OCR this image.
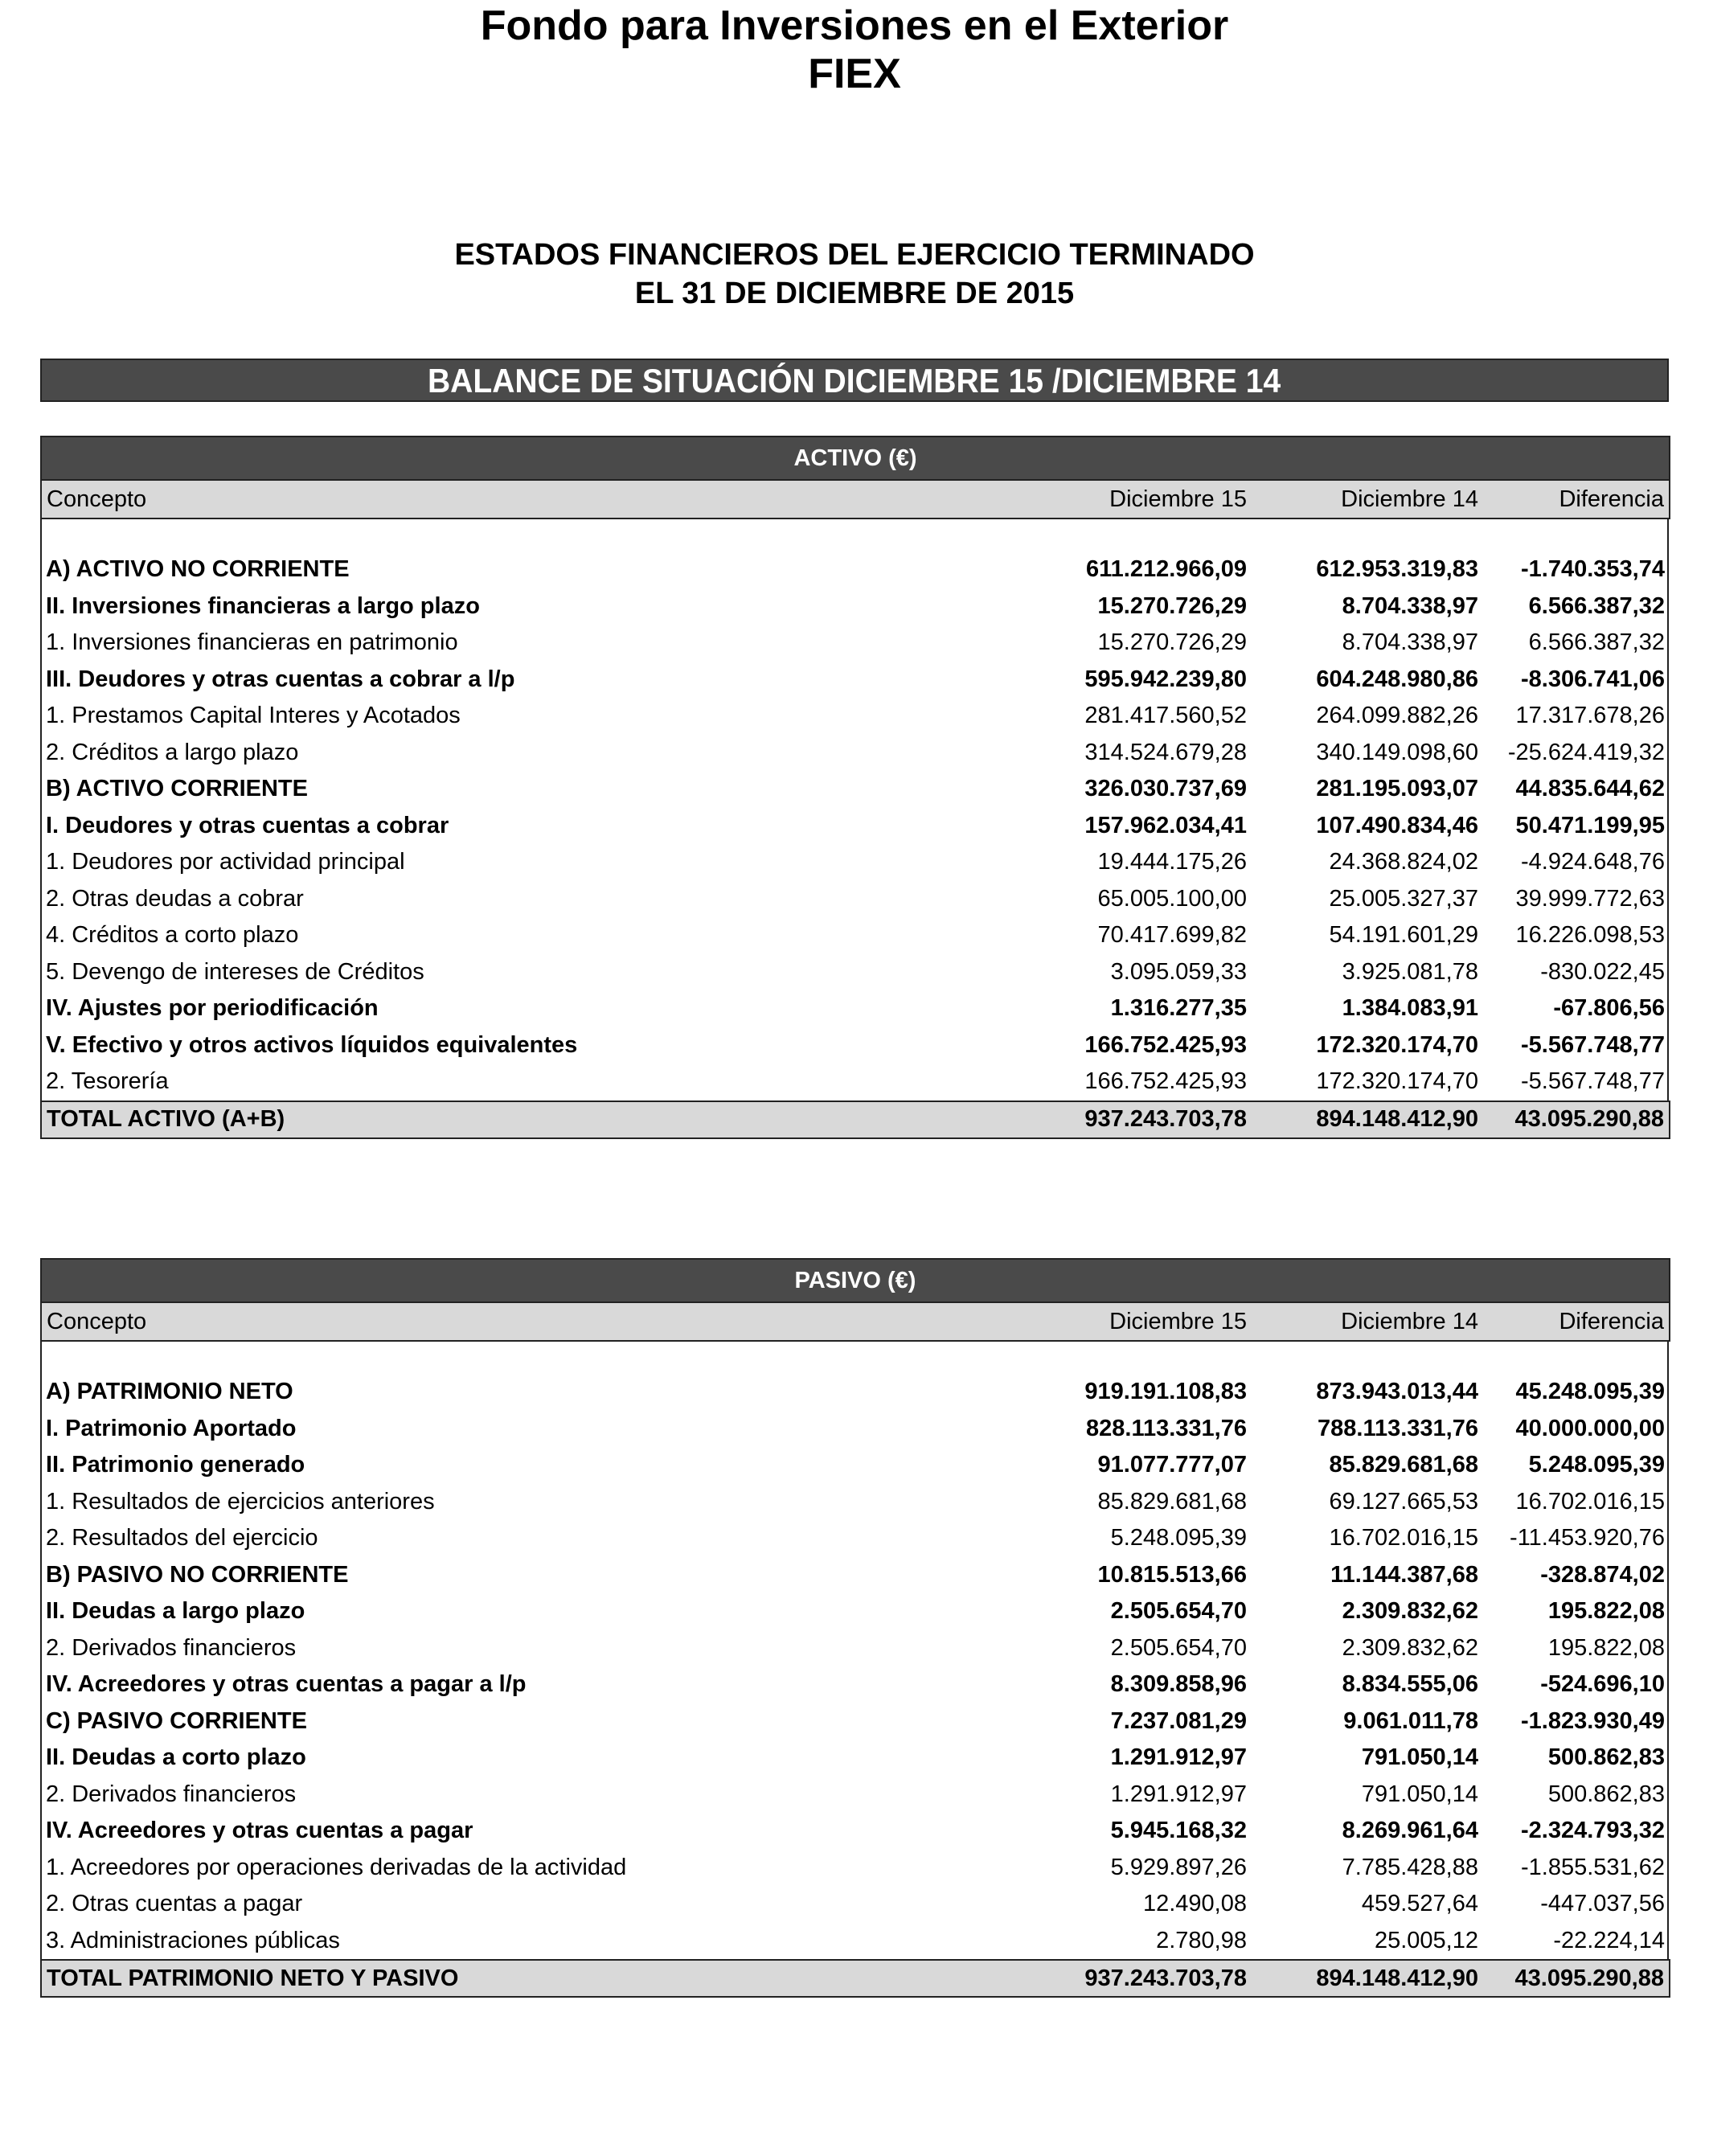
Fondo para Inversiones en el Exterior
FIEX
ESTADOS FINANCIEROS DEL EJERCICIO TERMINADO
EL 31 DE DICIEMBRE DE 2015
BALANCE DE SITUACIÓN DICIEMBRE 15 /DICIEMBRE 14
ACTIVO (€)			
Concepto	Diciembre 15	Diciembre 14	Diferencia

A) ACTIVO NO CORRIENTE	611.212.966,09	612.953.319,83	-1.740.353,74
II. Inversiones financieras a largo plazo	15.270.726,29	8.704.338,97	6.566.387,32
1. Inversiones financieras en patrimonio	15.270.726,29	8.704.338,97	6.566.387,32
III. Deudores y otras cuentas a cobrar a l/p	595.942.239,80	604.248.980,86	-8.306.741,06
1. Prestamos Capital Interes y Acotados	281.417.560,52	264.099.882,26	17.317.678,26
2. Créditos a largo plazo	314.524.679,28	340.149.098,60	-25.624.419,32
B) ACTIVO CORRIENTE	326.030.737,69	281.195.093,07	44.835.644,62
I. Deudores y otras cuentas a cobrar	157.962.034,41	107.490.834,46	50.471.199,95
1. Deudores por actividad principal	19.444.175,26	24.368.824,02	-4.924.648,76
2. Otras deudas a cobrar	65.005.100,00	25.005.327,37	39.999.772,63
4. Créditos a corto plazo	70.417.699,82	54.191.601,29	16.226.098,53
5. Devengo de intereses de Créditos	3.095.059,33	3.925.081,78	-830.022,45
IV. Ajustes por periodificación	1.316.277,35	1.384.083,91	-67.806,56
V. Efectivo y otros activos líquidos equivalentes	166.752.425,93	172.320.174,70	-5.567.748,77
2. Tesorería	166.752.425,93	172.320.174,70	-5.567.748,77
TOTAL ACTIVO (A+B)	937.243.703,78	894.148.412,90	43.095.290,88
PASIVO (€)			
Concepto	Diciembre 15	Diciembre 14	Diferencia

A) PATRIMONIO NETO	919.191.108,83	873.943.013,44	45.248.095,39
I. Patrimonio Aportado	828.113.331,76	788.113.331,76	40.000.000,00
II. Patrimonio generado	91.077.777,07	85.829.681,68	5.248.095,39
1. Resultados de ejercicios anteriores	85.829.681,68	69.127.665,53	16.702.016,15
2. Resultados del ejercicio	5.248.095,39	16.702.016,15	-11.453.920,76
B) PASIVO NO CORRIENTE	10.815.513,66	11.144.387,68	-328.874,02
II. Deudas a largo plazo	2.505.654,70	2.309.832,62	195.822,08
2. Derivados financieros	2.505.654,70	2.309.832,62	195.822,08
IV. Acreedores y otras cuentas a pagar a l/p	8.309.858,96	8.834.555,06	-524.696,10
C) PASIVO CORRIENTE	7.237.081,29	9.061.011,78	-1.823.930,49
II. Deudas a corto plazo	1.291.912,97	791.050,14	500.862,83
2. Derivados financieros	1.291.912,97	791.050,14	500.862,83
IV. Acreedores y otras cuentas a pagar	5.945.168,32	8.269.961,64	-2.324.793,32
1. Acreedores por operaciones derivadas de la actividad	5.929.897,26	7.785.428,88	-1.855.531,62
2. Otras cuentas a pagar	12.490,08	459.527,64	-447.037,56
3. Administraciones públicas	2.780,98	25.005,12	-22.224,14
TOTAL PATRIMONIO NETO Y PASIVO	937.243.703,78	894.148.412,90	43.095.290,88
